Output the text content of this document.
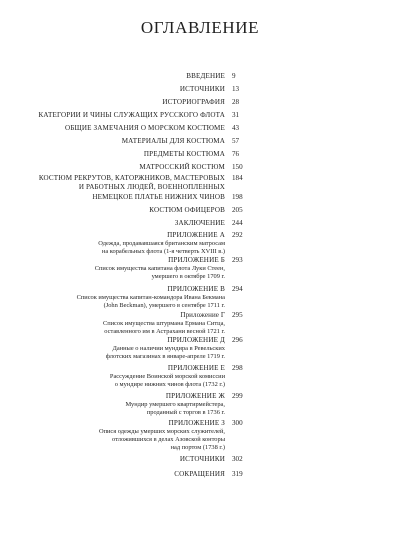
ОГЛАВЛЕНИЕ
ВВЕДЕНИЕ 9
ИСТОЧНИКИ 13
ИСТОРИОГРАФИЯ 28
КАТЕГОРИИ И ЧИНЫ СЛУЖАЩИХ РУССКОГО ФЛОТА 31
ОБЩИЕ ЗАМЕЧАНИЯ О МОРСКОМ КОСТЮМЕ 43
МАТЕРИАЛЫ ДЛЯ КОСТЮМА 57
ПРЕДМЕТЫ КОСТЮМА 76
МАТРОССКИЙ КОСТЮМ 150
КОСТЮМ РЕКРУТОВ, КАТОРЖНИКОВ, МАСТЕРОВЫХ
И РАБОТНЫХ ЛЮДЕЙ, ВОЕННОПЛЕННЫХ
184
НЕМЕЦКОЕ ПЛАТЬЕ НИЖНИХ ЧИНОВ 198
КОСТЮМ ОФИЦЕРОВ 205
ЗАКЛЮЧЕНИЕ 244
ПРИЛОЖЕНИЕ А
Одежда, продававшаяся британским матросам
на корабельных флота (1-я четверть XVIII в.)
292
ПРИЛОЖЕНИЕ Б
Список имущества капитана флота Луки Стеен,
умершего в октябре 1709 г.
293
ПРИЛОЖЕНИЕ В
Список имущества капитан-командора Ивана Бекмана
(John Beckman), умершего в сентябре 1711 г.
294
Приложение Г
Список имущества штурмана Ермана Ситца,
оставленного им в Астрахани весной 1721 г.
295
ПРИЛОЖЕНИЕ Д
Данные о наличии мундира в Ревельских
флотских магазинах в январе-апреле 1719 г.
296
ПРИЛОЖЕНИЕ Е
Рассуждение Воинской морской комиссии
о мундире нижних чинов флота (1732 г.)
298
ПРИЛОЖЕНИЕ Ж
Мундир умершего квартирмейстера,
проданный с торгов в 1736 г.
299
ПРИЛОЖЕНИЕ З
Опися одежды умерших морских служителей,
отложившихся в делах Азовской конторы
над портом (1738 г.)
300
ИСТОЧНИКИ 302
СОКРАЩЕНИЯ 319
